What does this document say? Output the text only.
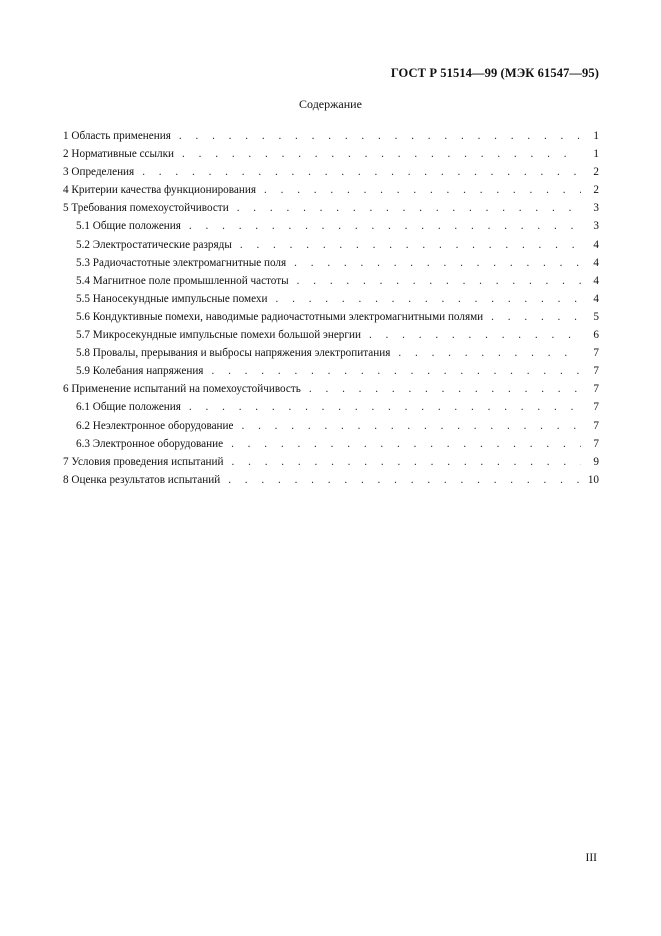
ГОСТ Р 51514—99 (МЭК 61547—95)
Содержание
1 Область применения . . .	1
2 Нормативные ссылки . . .	1
3 Определения . . .	2
4 Критерии качества функционирования . . .	2
5 Требования помехоустойчивости . . .	3
5.1 Общие положения . . .	3
5.2 Электростатические разряды . . .	4
5.3 Радиочастотные электромагнитные поля . . .	4
5.4 Магнитное поле промышленной частоты . . .	4
5.5 Наносекундные импульсные помехи . . .	4
5.6 Кондуктивные помехи, наводимые радиочастотными электромагнитными полями . . .	5
5.7 Микросекундные импульсные помехи большой энергии . . .	6
5.8 Провалы, прерывания и выбросы напряжения электропитания . . .	7
5.9 Колебания напряжения . . .	7
6 Применение испытаний на помехоустойчивость . . .	7
6.1 Общие положения . . .	7
6.2 Неэлектронное оборудование . . .	7
6.3 Электронное оборудование . . .	7
7 Условия проведения испытаний . . .	9
8 Оценка результатов испытаний . . .	10
III
